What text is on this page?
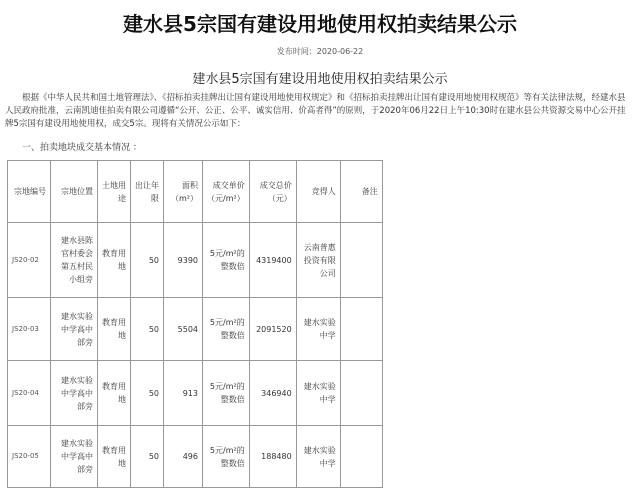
建水县5宗国有建设用地使用权拍卖结果公示
发布时间：2020-06-22
建水县5宗国有建设用地使用权拍卖结果公示
根据《中华人民共和国土地管理法》、《招标拍卖挂牌出让国有建设用地使用权规定》和《招标拍卖挂牌出让国有建设用地使用权规范》等有关法律法规，经建水县人民政府批准，云南凯迪佳拍卖有限公司遵循“公开、公正、公平、诚实信用、价高者得”的原则，于2020年06月22日上午10:30时在建水县公共资源交易中心公开挂牌5宗国有建设用地使用权，成交5宗。现将有关情况公示如下：
一、拍卖地块成交基本情况 ：
宗地编号	宗地位置	土地用途	出让年限	面积（m²）	成交单价（元/m²）	成交总价（元）	竞得人	备注
JS20-02	建水县陈官村委会第五村民小组旁	教育用地	50	9390	5元/m²的整数倍	4319400	云南普惠投资有限公司	
JS20-03	建水实验中学高中部旁	教育用地	50	5504	5元/m²的整数倍	2091520	建水实验中学	
JS20-04	建水实验中学高中部旁	教育用地	50	913	5元/m²的整数倍	346940	建水实验中学	
JS20-05	建水实验中学高中部旁	教育用地	50	496	5元/m²的整数倍	188480	建水实验中学	
